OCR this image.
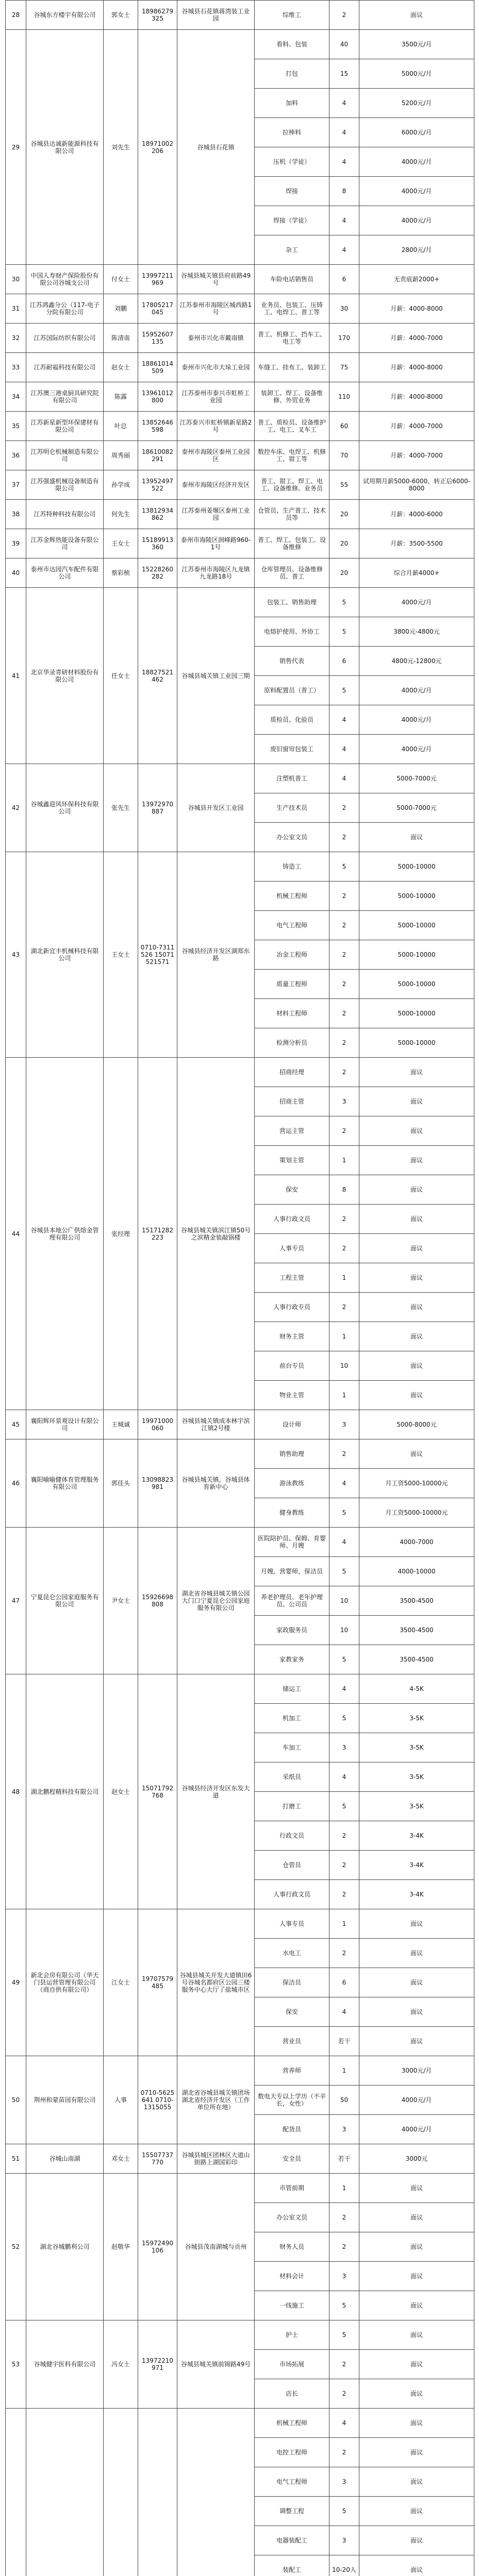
28	谷城东方楼宇有限公司	郭女士	18986279325	谷城县石花镇蒋湾装工业园	综维工	2	面议
29	谷城县达诚新能源科技有限公司	刘先生	18971002206	谷城县石花镇	看料、包装	40	3500元/月
					打包	15	5000元/月
					加料	4	5200元/月
					拉棒料	4	6000元/月
					压机（学徒）	4	4000元/月
					焊接	8	4000元/月
					焊接（学徒）	4	4000元/月
					杂工	4	2800元/月
30	中国人寿财产保险股份有限公司谷城支公司	付女士	13997211969	谷城县城关镇县府前路49号	车险电话销售员	6	无责底薪2000+
31	江苏鸿鑫分公（117-电子分院有限公司	刘鹏	17805217045	江苏泰州市海陵区城西路1号	业务员、包装工、压铸工、电焊工、普工等	30	月薪：4000-8000
32	江苏国际纺织有限公司	陈清南	15952607135	泰州市兴化市戴南镇	普工、机修工、挡车工、电工等	170	月薪：4000-7000
33	江苏耐福科技有限公司	赵女士	18861014509	泰州市兴化市大垛工业园	车缝工、挂布工、装卸工	75	月薪：4000-8000
34	江苏澳三港桌厨具研究院有限公司	陈露	13961012800	江苏泰州市泰兴市虹桥工业园	装卸工、焊工、设备维修、外贸业务	110	月薪：4000-8000
35	江苏新星新型环保建材有限公司	叶总	13852646598	江苏泰兴市虹桥镇新星路2号	普工、质检员、设备维护工、电工、叉车工	60	月薪：4000-7000
36	江苏明仑机械制造有限公司	周秀丽	18610082291	泰州市海陵区泰州工业园区	数控车床、电焊工、机修工、钳工等	70	月薪：4000-7000
37	江苏强盛机械设备制造有限公司	孙学成	13952497522	泰州市海陵区经济开发区	普工、钳工、焊工、电工、设备维修、业务员	55	试用期月薪5000-6000，转正后6000-8000
38	江苏特种科技有限公司	何先生	13812934862	江苏泰州姜堰区泰州工业园	仓管员、生产普工、技术员等	20	月薪：4000-6000
39	江苏金辉热能设备有限公司	王女士	15189913360	泰州市海陵区润峰路960-1号	普工、焊工、包装工、设备维修	20	月薪：3500-5500
40	泰州市达园汽车配件有限公司	蔡彩桢	15228260282	江苏泰州市海陵区九龙镇九龙路18号	仓库管理员、设备维修员、普工	20	综合月薪4000+
41	北京华录青研材料股份有限公司	任女士	18827521462	谷城县城关镇工业园三期	包装工、销售助理	5	4000元/月
					电熔护使用、外协工	5	3800元-4800元
					销售代表	6	4800元-12800元
					原料配置员（普工）	5	4000元/月
					质检员、化验员	4	4000元/月
					废旧窗帘包装工	4	4000元/月
42	谷城鑫迎风环保科技有限公司	张先生	13972970887	谷城县开发区工业园	注塑机普工	4	5000-7000元
					生产技术员	2	5000-7000元
					办公室文员	2	面议
43	湖北新宜丰机械科技有限公司	王女士	0710-7311526 15071521571	谷城县经济开发区湖郑东路	铸造工	5	5000-10000
					机械工程师	2	5000-10000
					电气工程师	2	5000-10000
					冶金工程师	2	5000-10000
					质量工程师	2	5000-10000
					材料工程师	2	5000-10000
					检测分析员	2	5000-10000
44	谷城县本地公广供熔金管理有限公司	张经理	15171282223	谷城县城关镇滨江镇50号之滨精金装敲锅楼	招商经理	2	面议
					招商主管	3	面议
					营运主管	2	面议
					策划主管	1	面议
					保安	8	面议
					人事行政文员	2	面议
					人事专员	2	面议
					工程主管	1	面议
					人事行政专员	2	面议
					财务主管	1	面议
					前台专员	10	面议
					物业主管	1	面议
45	襄阳辉环景观设计有限公司	王城诚	19971000060	谷城县城关镇成本林宇滨江镇2号楼	设计师	3	5000-8000元
46	襄阳喻喻健体育管理服务有限公司	郭佳头	13098823981	谷城县城关镇，谷城县体育新中心	销售助理	2	面议
					游泳教练	4	月工资5000-10000元
					健身教练	5	月工资5000-10000元
47	宁夏昆仑公园家庭服务有限公司	尹女士	15926698808	湖北省谷城县城关镇公园大门口宁夏昆仑公园家庭服务有限公司	医院陪护员、保姆、育婴师、月嫂	4	4000-7000
					月嫂，营婴师，保洁员	5	4000-10000
					养老护理员、老年护理员、公司员	10	3500-4500
					家政服务员	10	3500-4500
					家教家务	5	3500-4500
48	湖北鹏程精科技有限公司	赵女士	15071792768	谷城县经济开发区东发大道	储运工	4	4-5K
					机加工	5	3-5K
					车加工	3	3-5K
					采纸员	4	3-5K
					打磨工	5	3-5K
					行政文员	2	3-4K
					仓管员	2	3-4K
					人事行政文员	2	3-4K
49	新北会房有限公司（华天门县运营管理有限公司（商自供有限公司）	江女士	19707579485	谷城县城关开发大道镇田6号谷城名都府区公园三楼服务中心大厅了盐城市区	人事专员	1	面议
					水电工	2	面议
					保洁员	6	面议
					保安	4	面议
					营业员	若干	面议
50	荆州和蒙苗园有限公司	人事	0710-5625641 0710-1315055	湖北省谷城县城关镇团场湖北省经济开发区（工作单位所在地）	营养师	1	3000元/月
					数电大专以上学历（不辛长，女性）	50	4000元/月
					配货员	3	4000元/月
51	谷城山南湖	邓女士	15507737770	谷城县城区团林区大道山街路上湖国彩印	安全员	若干	3000元
52	湖北谷城鹏利公司	赵敬华	15972490106	谷城县茂南湖城与贡州	市管前期	1	面议
					办公室文员	2	面议
					财务人员	2	面议
					材料会计	3	面议
					一线施工	5	面议
53	谷城健宇医科有限公司	冯女士	13972210971	谷城县城关镇前锦路49号	护士	5	面议
					市场拓展	2	面议
					店长	2	面议
					机械工程师	4	面议
					电控工程师	2	面议
					电气工程师	3	面议
					调整工程	5	面议
					电器装配工	3	面议
					装配工	10-20人	面议
